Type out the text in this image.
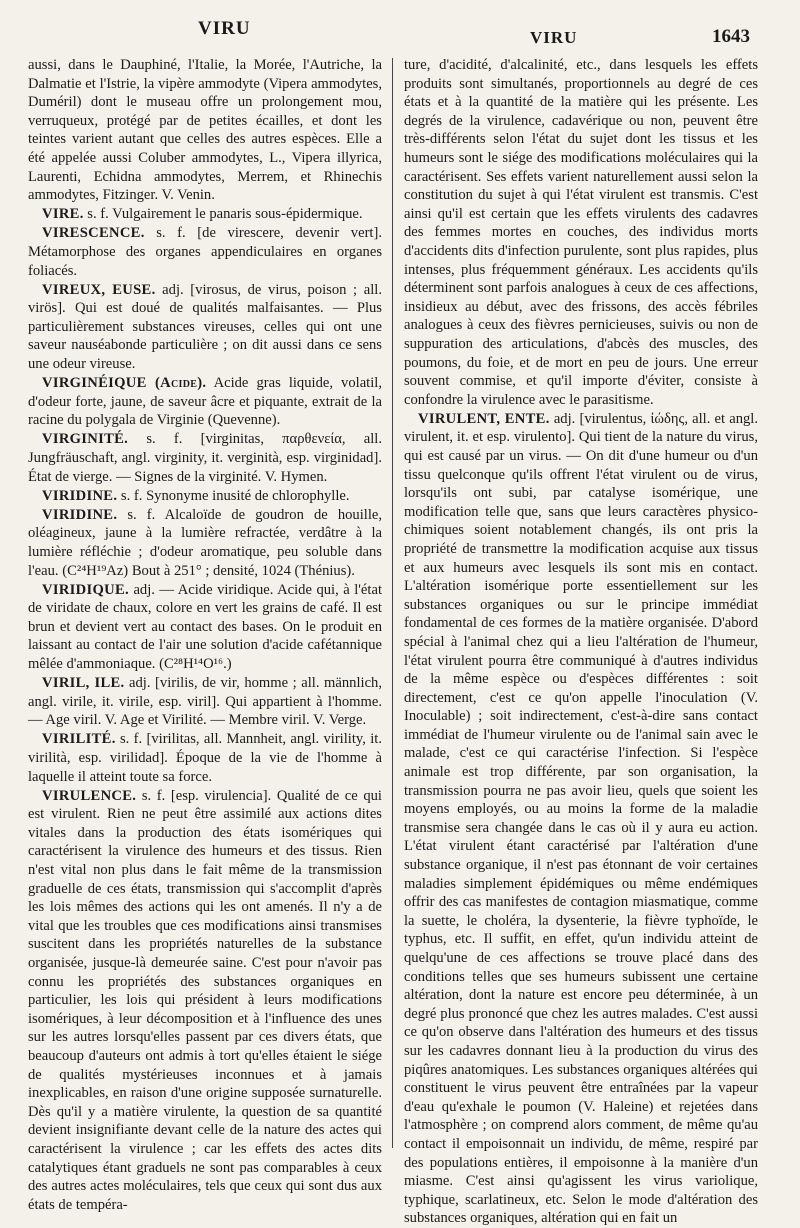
VIRU	VIRU	1643

aussi, dans le Dauphiné, l'Italie, la Morée, l'Autriche, la Dalmatie et l'Istrie, la vipère ammodyte (Vipera ammodytes, Duméril) dont le museau offre un prolongement mou, verruqueux, protégé par de petites écailles, et dont les teintes varient autant que celles des autres espèces. Elle a été appelée aussi Coluber ammodytes, L., Vipera illyrica, Laurenti, Echidna ammodytes, Merrem, et Rhinechis ammodytes, Fitzinger. V. Venin.

VIRE. s. f. Vulgairement le panaris sous-épidermique.

VIRESCENCE. s. f. [de virescere, devenir vert]. Métamorphose des organes appendiculaires en organes foliacés.

VIREUX, EUSE. adj. [virosus, de virus, poison ; all. virös]. Qui est doué de qualités malfaisantes. — Plus particulièrement substances vireuses, celles qui ont une saveur nauséabonde particulière ; on dit aussi dans ce sens une odeur vireuse.

VIRGINÉIQUE (Acide). Acide gras liquide, volatil, d'odeur forte, jaune, de saveur âcre et piquante, extrait de la racine du polygala de Virginie (Quevenne).

VIRGINITÉ. s. f. [virginitas, παρθενεία, all. Jungfräuschaft, angl. virginity, it. verginità, esp. virginidad]. État de vierge. — Signes de la virginité. V. Hymen.

VIRIDINE. s. f. Synonyme inusité de chlorophylle.

VIRIDINE. s. f. Alcaloïde de goudron de houille, oléagineux, jaune à la lumière refractée, verdâtre à la lumière réfléchie ; d'odeur aromatique, peu soluble dans l'eau. (C²⁴H¹⁹Az) Bout à 251° ; densité, 1024 (Thénius).

VIRIDIQUE. adj. — Acide viridique. Acide qui, à l'état de viridate de chaux, colore en vert les grains de café. Il est brun et devient vert au contact des bases. On le produit en laissant au contact de l'air une solution d'acide cafétannique mêlée d'ammoniaque. (C²⁸H¹⁴O¹⁶.)

VIRIL, ILE. adj. [virilis, de vir, homme ; all. männlich, angl. virile, it. virile, esp. viril]. Qui appartient à l'homme. — Age viril. V. Age et Virilité. — Membre viril. V. Verge.

VIRILITÉ. s. f. [virilitas, all. Mannheit, angl. virility, it. virilità, esp. virilidad]. Époque de la vie de l'homme à laquelle il atteint toute sa force.

VIRULENCE. s. f. [esp. virulencia]. Qualité de ce qui est virulent. Rien ne peut être assimilé aux actions dites vitales dans la production des états isomériques qui caractérisent la virulence des humeurs et des tissus. Rien n'est vital non plus dans le fait même de la transmission graduelle de ces états, transmission qui s'accomplit d'après les lois mêmes des actions qui les ont amenés. Il n'y a de vital que les troubles que ces modifications ainsi transmises suscitent dans les propriétés naturelles de la substance organisée, jusque-là demeurée saine. C'est pour n'avoir pas connu les propriétés des substances organiques en particulier, les lois qui président à leurs modifications isomériques, à leur décomposition et à l'influence des unes sur les autres lorsqu'elles passent par ces divers états, que beaucoup d'auteurs ont admis à tort qu'elles étaient le siége de qualités mystérieuses inconnues et à jamais inexplicables, en raison d'une origine supposée surnaturelle. Dès qu'il y a matière virulente, la question de sa quantité devient insignifiante devant celle de la nature des actes qui caractérisent la virulence ; car les effets des actes dits catalytiques étant graduels ne sont pas comparables à ceux des autres actes moléculaires, tels que ceux qui sont dus aux états de tempéra-

ture, d'acidité, d'alcalinité, etc., dans lesquels les effets produits sont simultanés, proportionnels au degré de ces états et à la quantité de la matière qui les présente. Les degrés de la virulence, cadavérique ou non, peuvent être très-différents selon l'état du sujet dont les tissus et les humeurs sont le siége des modifications moléculaires qui la caractérisent. Ses effets varient naturellement aussi selon la constitution du sujet à qui l'état virulent est transmis. C'est ainsi qu'il est certain que les effets virulents des cadavres des femmes mortes en couches, des individus morts d'accidents dits d'infection purulente, sont plus rapides, plus intenses, plus fréquemment généraux. Les accidents qu'ils déterminent sont parfois analogues à ceux de ces affections, insidieux au début, avec des frissons, des accès fébriles analogues à ceux des fièvres pernicieuses, suivis ou non de suppuration des articulations, d'abcès des muscles, des poumons, du foie, et de mort en peu de jours. Une erreur souvent commise, et qu'il importe d'éviter, consiste à confondre la virulence avec le parasitisme.

VIRULENT, ENTE. adj. [virulentus, ἰώδης, all. et angl. virulent, it. et esp. virulento]. Qui tient de la nature du virus, qui est causé par un virus. — On dit d'une humeur ou d'un tissu quelconque qu'ils offrent l'état virulent ou de virus, lorsqu'ils ont subi, par catalyse isomérique, une modification telle que, sans que leurs caractères physico-chimiques soient notablement changés, ils ont pris la propriété de transmettre la modification acquise aux tissus et aux humeurs avec lesquels ils sont mis en contact. L'altération isomérique porte essentiellement sur les substances organiques ou sur le principe immédiat fondamental de ces formes de la matière organisée. D'abord spécial à l'animal chez qui a lieu l'altération de l'humeur, l'état virulent pourra être communiqué à d'autres individus de la même espèce ou d'espèces différentes : soit directement, c'est ce qu'on appelle l'inoculation (V. Inoculable) ; soit indirectement, c'est-à-dire sans contact immédiat de l'humeur virulente ou de l'animal sain avec le malade, c'est ce qui caractérise l'infection. Si l'espèce animale est trop différente, par son organisation, la transmission pourra ne pas avoir lieu, quels que soient les moyens employés, ou au moins la forme de la maladie transmise sera changée dans le cas où il y aura eu action. L'état virulent étant caractérisé par l'altération d'une substance organique, il n'est pas étonnant de voir certaines maladies simplement épidémiques ou même endémiques offrir des cas manifestes de contagion miasmatique, comme la suette, le choléra, la dysenterie, la fièvre typhoïde, le typhus, etc. Il suffit, en effet, qu'un individu atteint de quelqu'une de ces affections se trouve placé dans des conditions telles que ses humeurs subissent une certaine altération, dont la nature est encore peu déterminée, à un degré plus prononcé que chez les autres malades. C'est aussi ce qu'on observe dans l'altération des humeurs et des tissus sur les cadavres donnant lieu à la production du virus des piqûres anatomiques. Les substances organiques altérées qui constituent le virus peuvent être entraînées par la vapeur d'eau qu'exhale le poumon (V. Haleine) et rejetées dans l'atmosphère ; on comprend alors comment, de même qu'au contact il empoisonnait un individu, de même, respiré par des populations entières, il empoisonne à la manière d'un miasme. C'est ainsi qu'agissent les virus variolique, typhique, scarlatineux, etc. Selon le mode d'altération des substances organiques, altération qui en fait un
